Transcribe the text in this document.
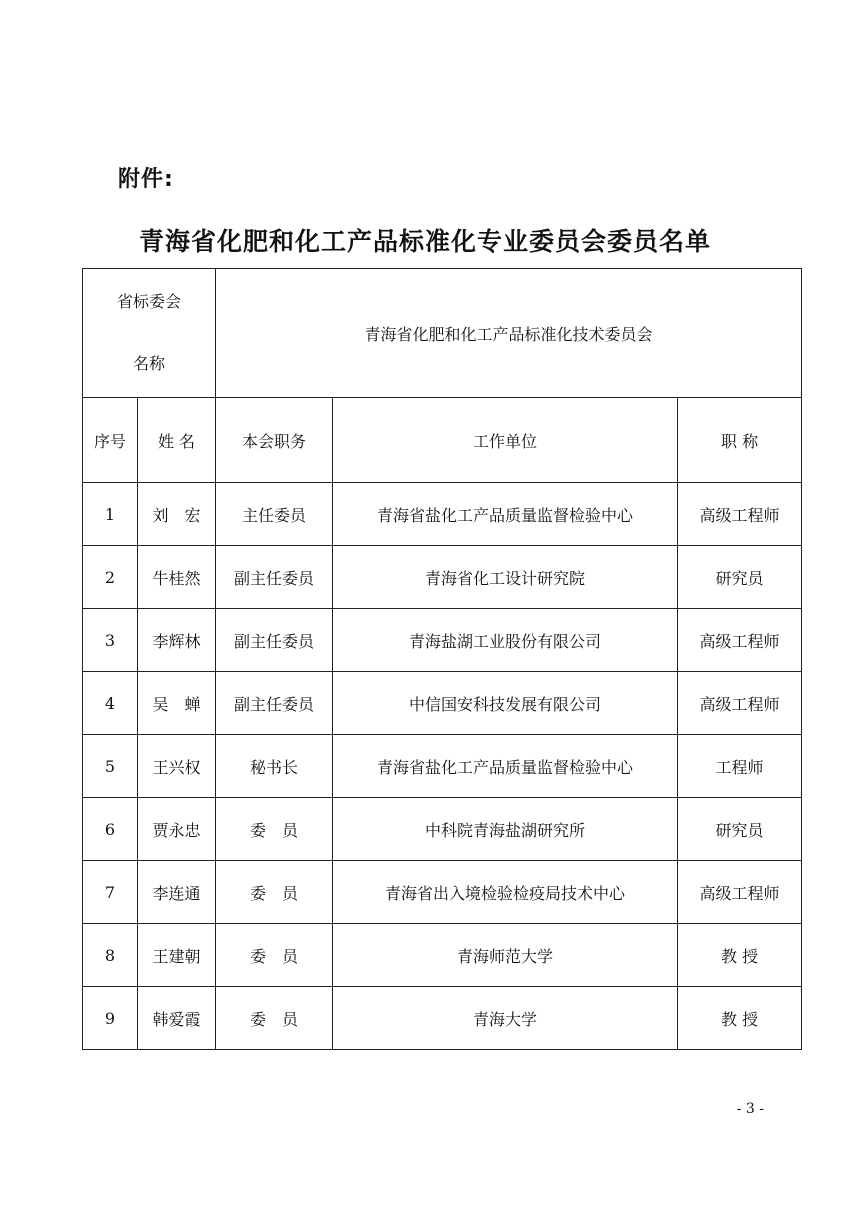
附件:
青海省化肥和化工产品标准化专业委员会委员名单
省标委会
名称		青海省化肥和化工产品标准化技术委员会		
序号	姓 名	本会职务	工作单位	职 称
1	刘　宏	主任委员	青海省盐化工产品质量监督检验中心	高级工程师
2	牛桂然	副主任委员	青海省化工设计研究院	研究员
3	李辉林	副主任委员	青海盐湖工业股份有限公司	高级工程师
4	吴　蝉	副主任委员	中信国安科技发展有限公司	高级工程师
5	王兴权	秘书长	青海省盐化工产品质量监督检验中心	工程师
6	贾永忠	委　员	中科院青海盐湖研究所	研究员
7	李连通	委　员	青海省出入境检验检疫局技术中心	高级工程师
8	王建朝	委　员	青海师范大学	教 授
9	韩爱霞	委　员	青海大学	教 授
- 3 -
